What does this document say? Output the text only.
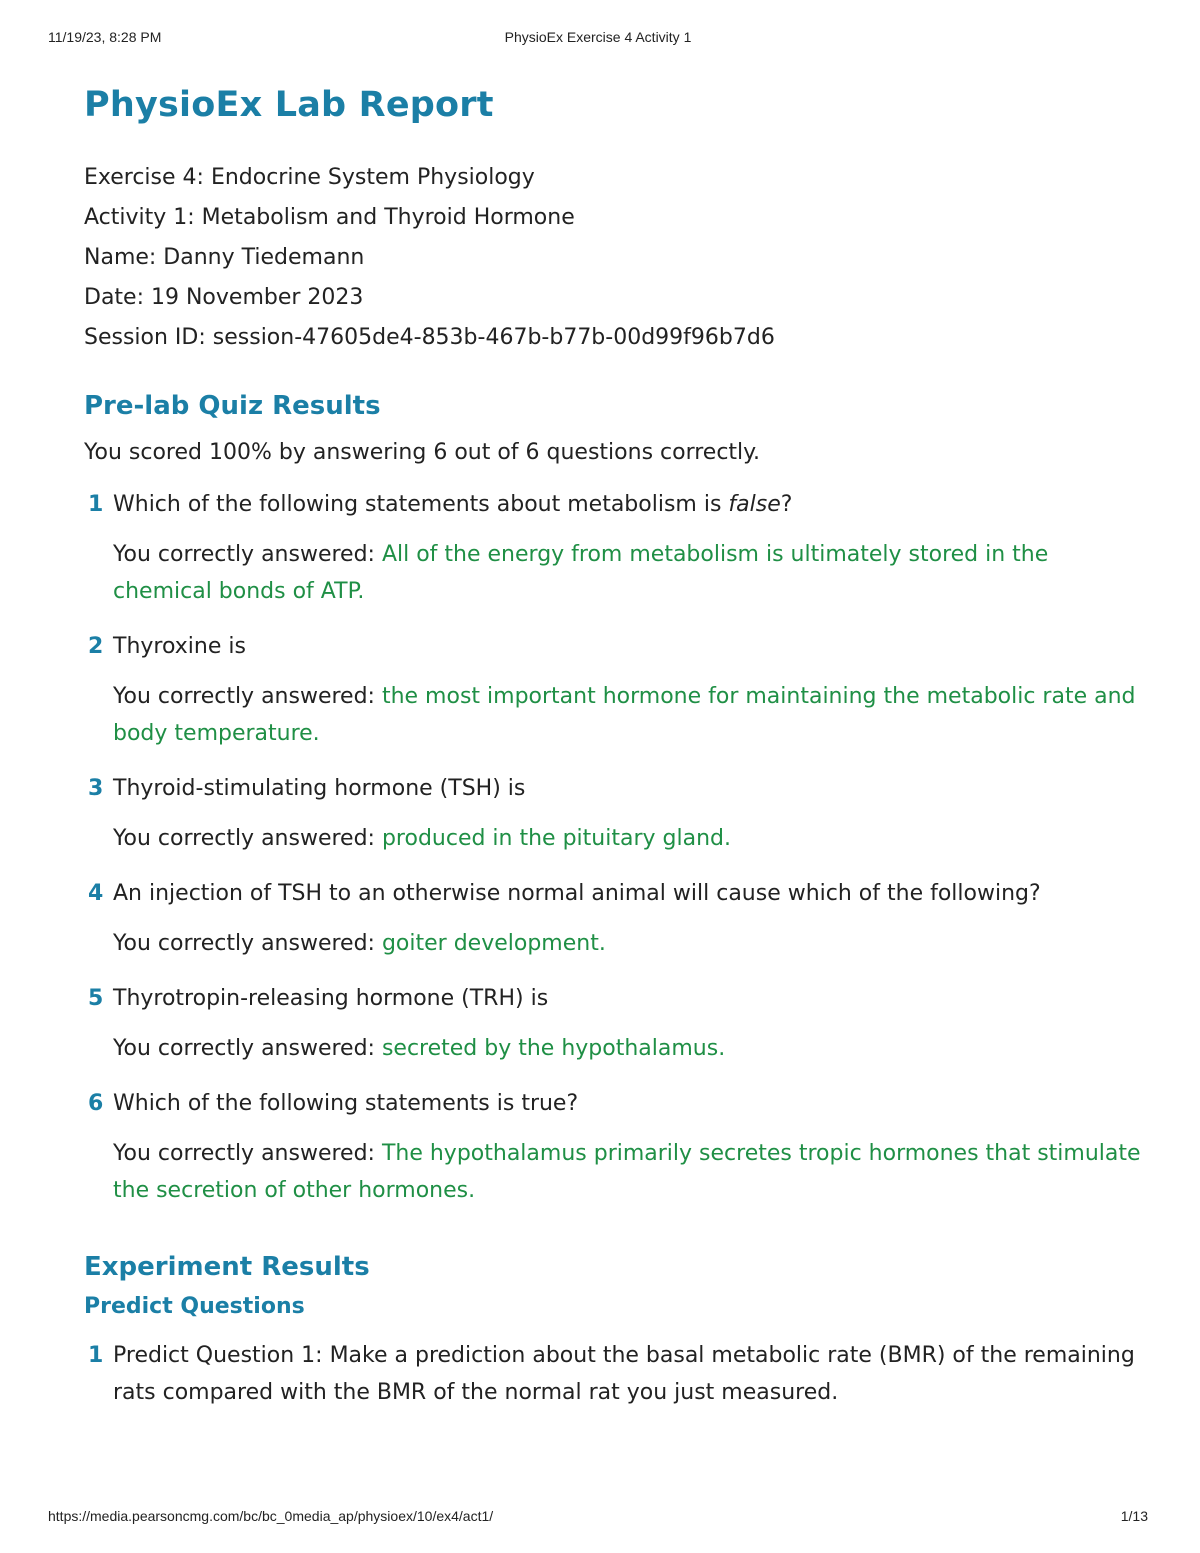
11/19/23, 8:28 PM	PhysioEx Exercise 4 Activity 1
PhysioEx Lab Report
Exercise 4: Endocrine System Physiology
Activity 1: Metabolism and Thyroid Hormone
Name: Danny Tiedemann
Date: 19 November 2023
Session ID: session-47605de4-853b-467b-b77b-00d99f96b7d6
Pre-lab Quiz Results
You scored 100% by answering 6 out of 6 questions correctly.
1 Which of the following statements about metabolism is false?
You correctly answered: All of the energy from metabolism is ultimately stored in the chemical bonds of ATP.
2 Thyroxine is
You correctly answered: the most important hormone for maintaining the metabolic rate and body temperature.
3 Thyroid-stimulating hormone (TSH) is
You correctly answered: produced in the pituitary gland.
4 An injection of TSH to an otherwise normal animal will cause which of the following?
You correctly answered: goiter development.
5 Thyrotropin-releasing hormone (TRH) is
You correctly answered: secreted by the hypothalamus.
6 Which of the following statements is true?
You correctly answered: The hypothalamus primarily secretes tropic hormones that stimulate the secretion of other hormones.
Experiment Results
Predict Questions
1 Predict Question 1: Make a prediction about the basal metabolic rate (BMR) of the remaining rats compared with the BMR of the normal rat you just measured.
https://media.pearsoncmg.com/bc/bc_0media_ap/physioex/10/ex4/act1/	1/13
